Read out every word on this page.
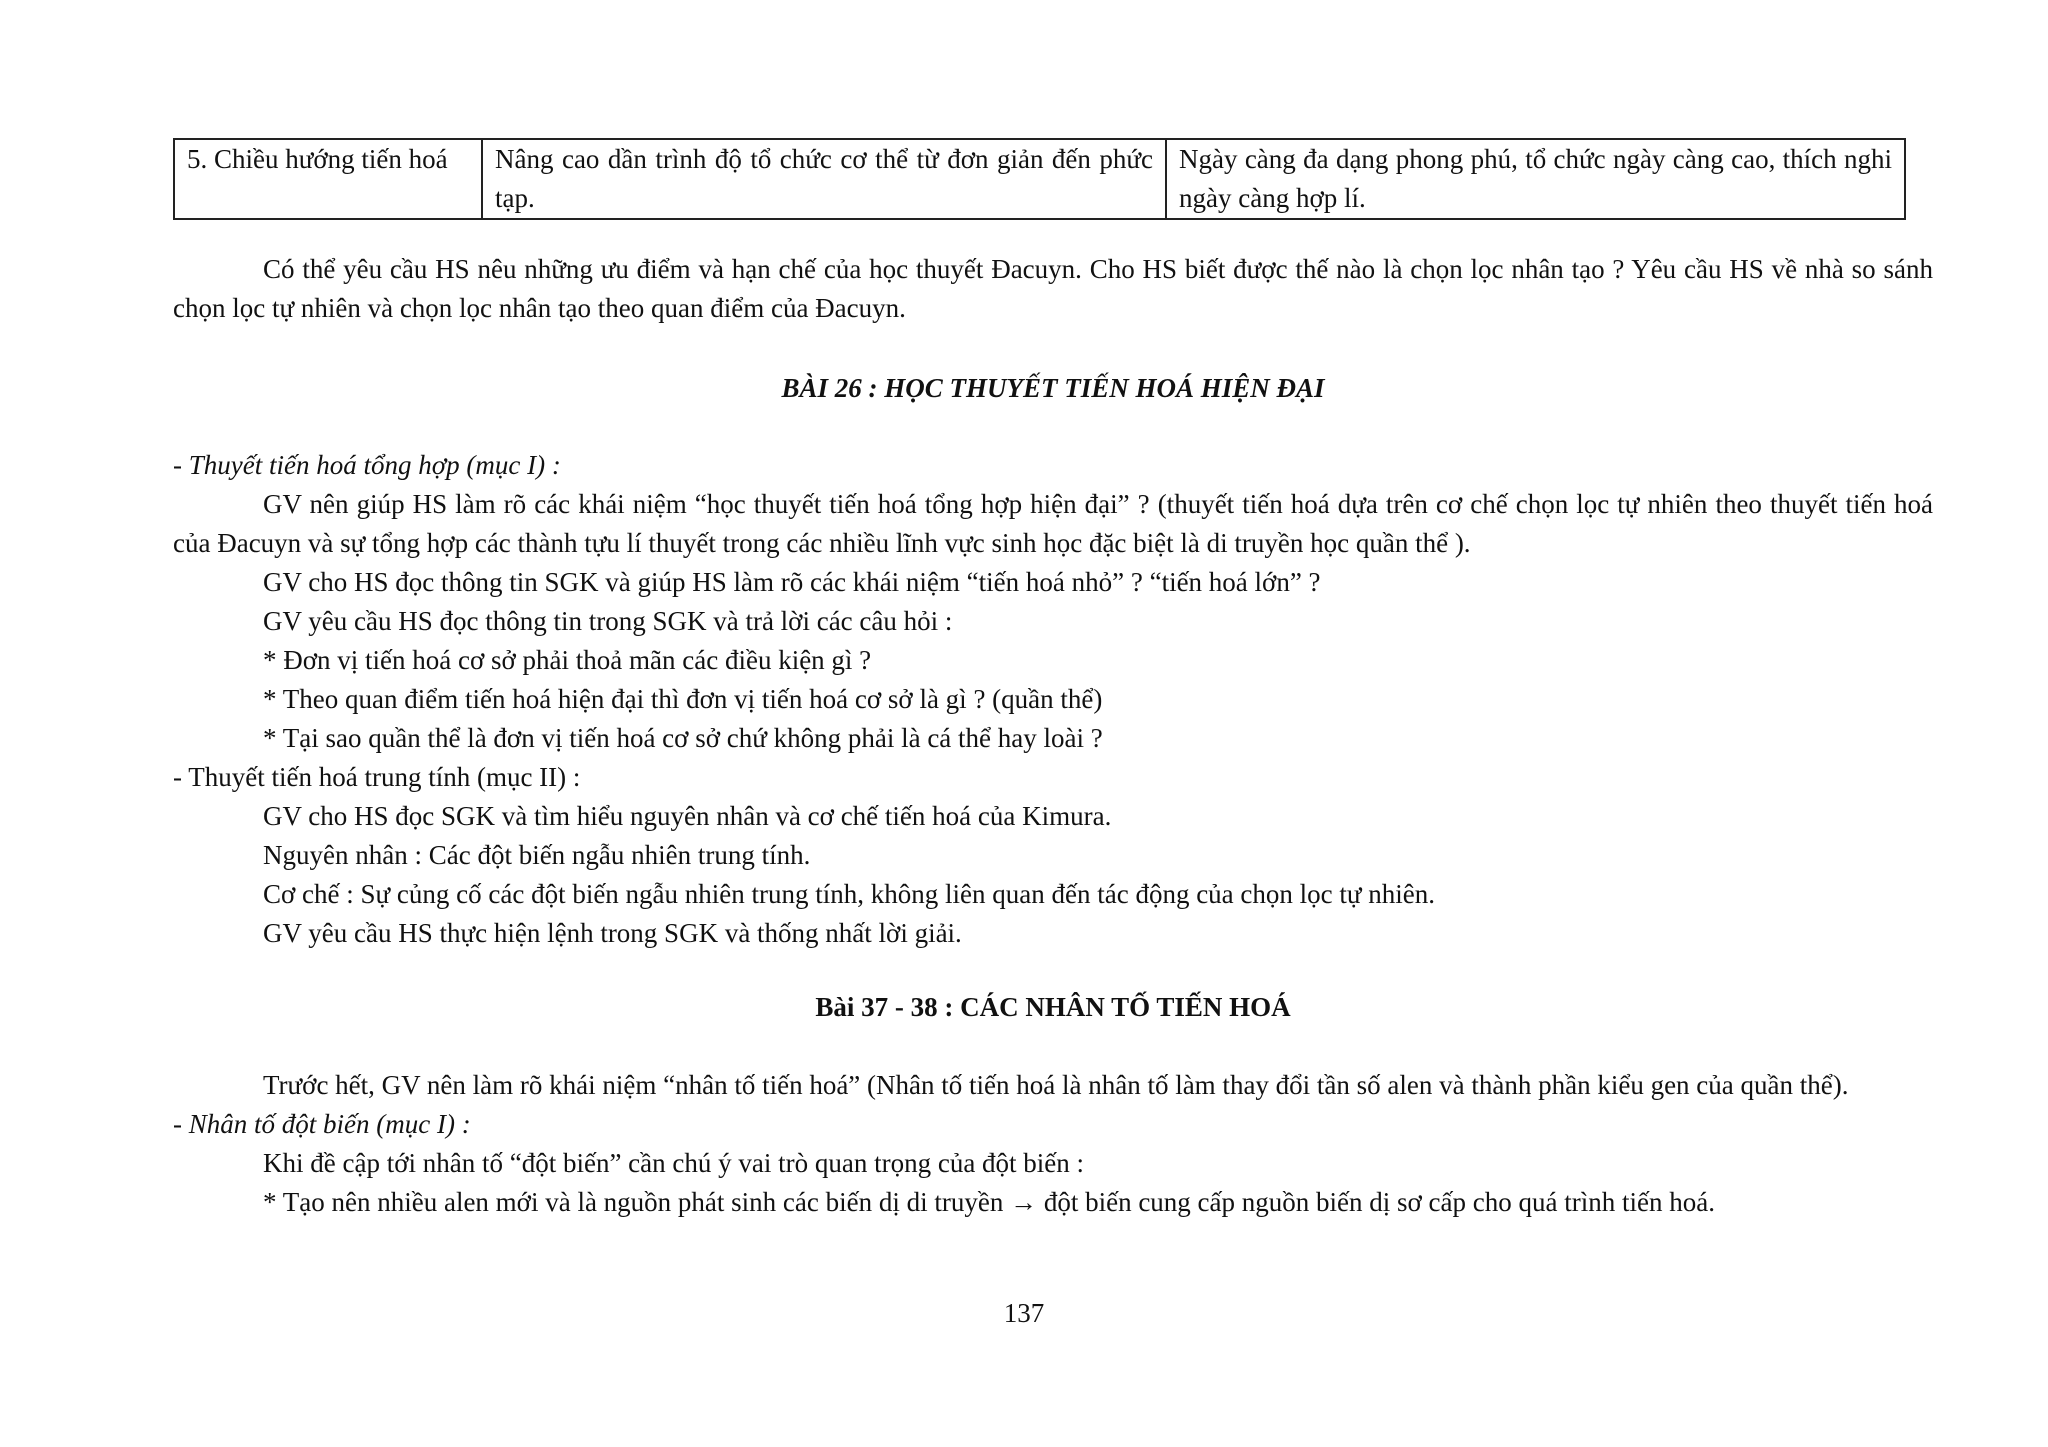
5. Chiều hướng tiến hoá	Nâng cao dần trình độ tổ chức cơ thể từ đơn giản đến phức tạp.	Ngày càng đa dạng phong phú, tổ chức ngày càng cao, thích nghi ngày càng hợp lí.

Có thể yêu cầu HS nêu những ưu điểm và hạn chế của học thuyết Đacuyn. Cho HS biết được thế nào là chọn lọc nhân tạo ? Yêu cầu HS về nhà so sánh chọn lọc tự nhiên và chọn lọc nhân tạo theo quan điểm của Đacuyn.

BÀI 26 : HỌC THUYẾT TIẾN HOÁ HIỆN ĐẠI

- Thuyết tiến hoá tổng hợp (mục I) :

GV nên giúp HS làm rõ các khái niệm “học thuyết tiến hoá tổng hợp hiện đại” ? (thuyết tiến hoá dựa trên cơ chế chọn lọc tự nhiên theo thuyết tiến hoá của Đacuyn và sự tổng hợp các thành tựu lí thuyết trong các nhiều lĩnh vực sinh học đặc biệt là di truyền học quần thể ).

GV cho HS đọc thông tin SGK và giúp HS làm rõ các khái niệm “tiến hoá nhỏ” ? “tiến hoá lớn” ?

GV yêu cầu HS đọc thông tin trong SGK và trả lời các câu hỏi :

* Đơn vị tiến hoá cơ sở phải thoả mãn các điều kiện gì ?

* Theo quan điểm tiến hoá hiện đại thì đơn vị tiến hoá cơ sở là gì ? (quần thể)

* Tại sao quần thể là đơn vị tiến hoá cơ sở chứ không phải là cá thể hay loài ?

- Thuyết tiến hoá trung tính (mục II) :

GV cho HS đọc SGK và tìm hiểu nguyên nhân và cơ chế tiến hoá của Kimura.

Nguyên nhân : Các đột biến ngẫu nhiên trung tính.

Cơ chế : Sự củng cố các đột biến ngẫu nhiên trung tính, không liên quan đến tác động của chọn lọc tự nhiên.

GV yêu cầu HS thực hiện lệnh trong SGK và thống nhất lời giải.

Bài 37 - 38 : CÁC NHÂN TỐ TIẾN HOÁ

Trước hết, GV nên làm rõ khái niệm “nhân tố tiến hoá” (Nhân tố tiến hoá là nhân tố làm thay đổi tần số alen và thành phần kiểu gen của quần thể).

- Nhân tố đột biến (mục I) :

Khi đề cập tới nhân tố “đột biến” cần chú ý vai trò quan trọng của đột biến :

* Tạo nên nhiều alen mới và là nguồn phát sinh các biến dị di truyền → đột biến cung cấp nguồn biến dị sơ cấp cho quá trình tiến hoá.

137
